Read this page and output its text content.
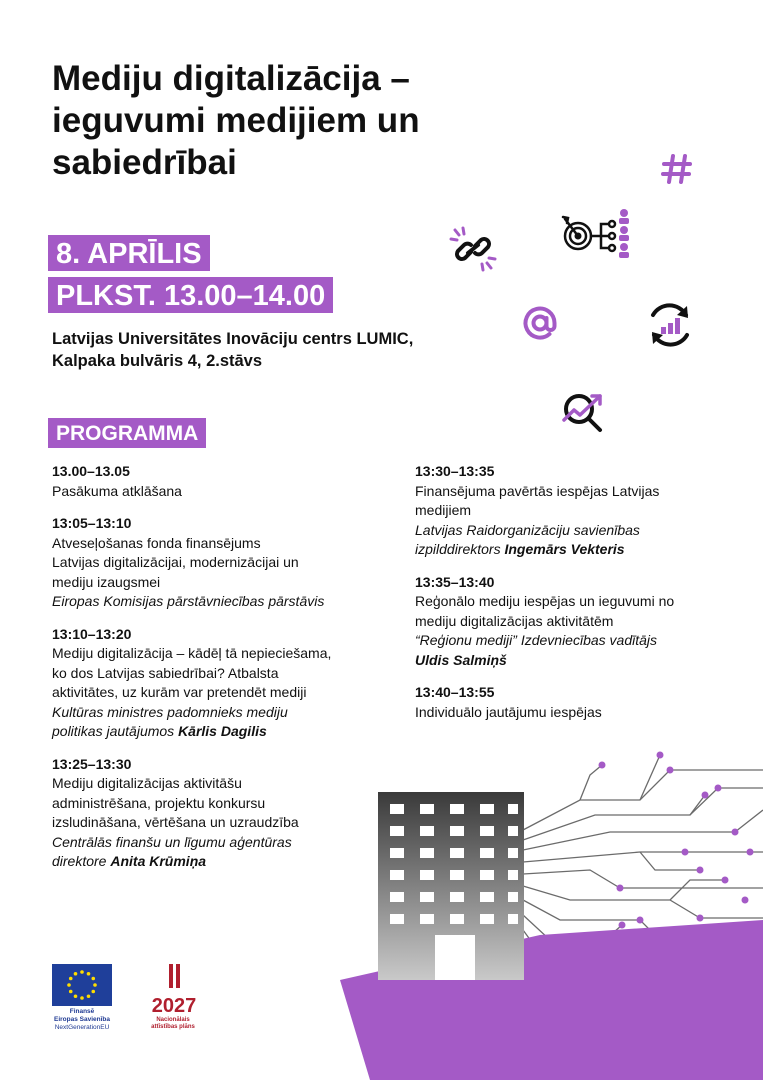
Mediju digitalizācija –
ieguvumi medijiem un
sabiedrībai
8. APRĪLIS
PLKST. 13.00–14.00
Latvijas Universitātes Inovāciju centrs LUMIC,
Kalpaka bulvāris 4, 2.stāvs
PROGRAMMA
13.00–13.05
Pasākuma atklāšana
13:05–13:10
Atveseļošanas fonda finansējums
Latvijas digitalizācijai, modernizācijai un
mediju izaugsmei
Eiropas Komisijas pārstāvniecības pārstāvis
13:10–13:20
Mediju digitalizācija – kādēļ tā nepieciešama,
ko dos Latvijas sabiedrībai? Atbalsta
aktivitātes, uz kurām var pretendēt mediji
Kultūras ministres padomnieks mediju
politikas jautājumos Kārlis Dagilis
13:25–13:30
Mediju digitalizācijas aktivitāšu
administrēšana, projektu konkursu
izsludināšana, vērtēšana un uzraudzība
Centrālās finanšu un līgumu aģentūras
direktore Anita Krūmiņa
13:30–13:35
Finansējuma pavērtās iespējas Latvijas
medijiem
Latvijas Raidorganizāciju savienības
izpilddirektors Ingemārs Vekteris
13:35–13:40
Reģonālo mediju iespējas un ieguvumi no
mediju digitalizācijas aktivitātēm
“Reģionu mediji” Izdevniecības vadītājs
Uldis Salmiņš
13:40–13:55
Individuālo jautājumu iespējas
Finansē
Eiropas Savienība
NextGenerationEU
2027
Nacionālais
attīstības plāns
